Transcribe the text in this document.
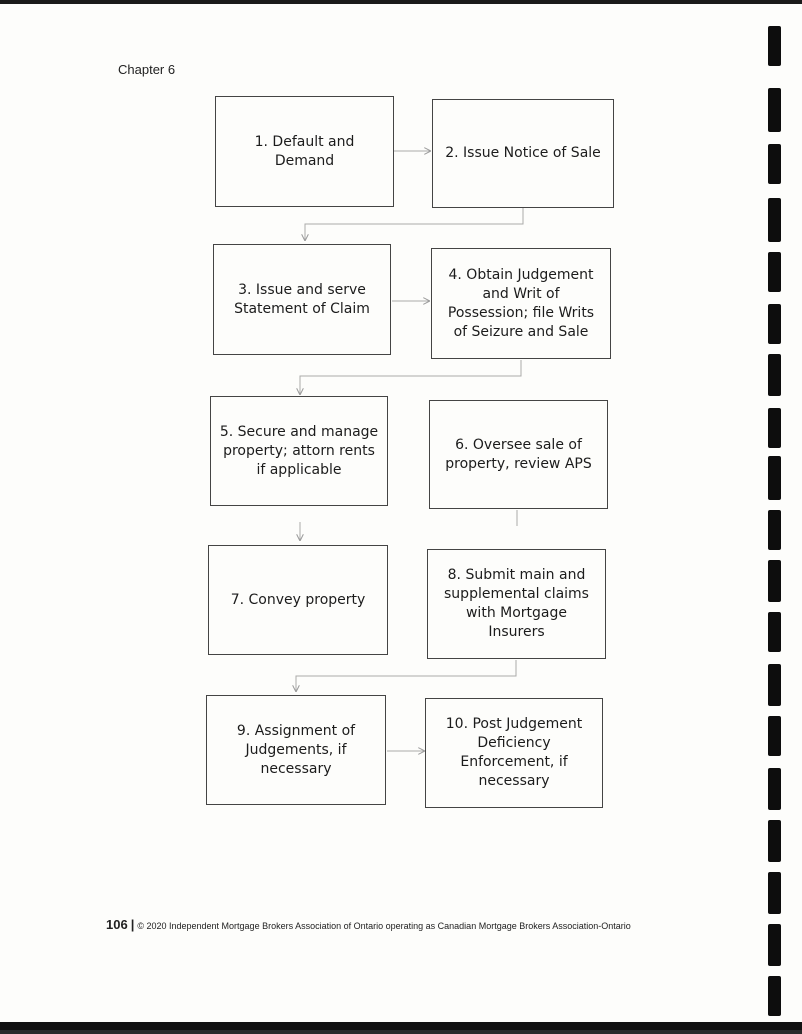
Chapter 6
1. Default and
Demand	2. Issue Notice of Sale
3. Issue and serve
Statement of Claim
4. Obtain Judgement
and Writ of
Possession; file Writs
of Seizure and Sale
5. Secure and manage
property; attorn rents
if applicable
6. Oversee sale of
property, review APS
7. Convey property
8. Submit main and
supplemental claims
with Mortgage
Insurers
9. Assignment of
Judgements, if
necessary
10. Post Judgement
Deficiency
Enforcement, if
necessary
106 | © 2020 Independent Mortgage Brokers Association of Ontario operating as Canadian Mortgage Brokers Association-Ontario
